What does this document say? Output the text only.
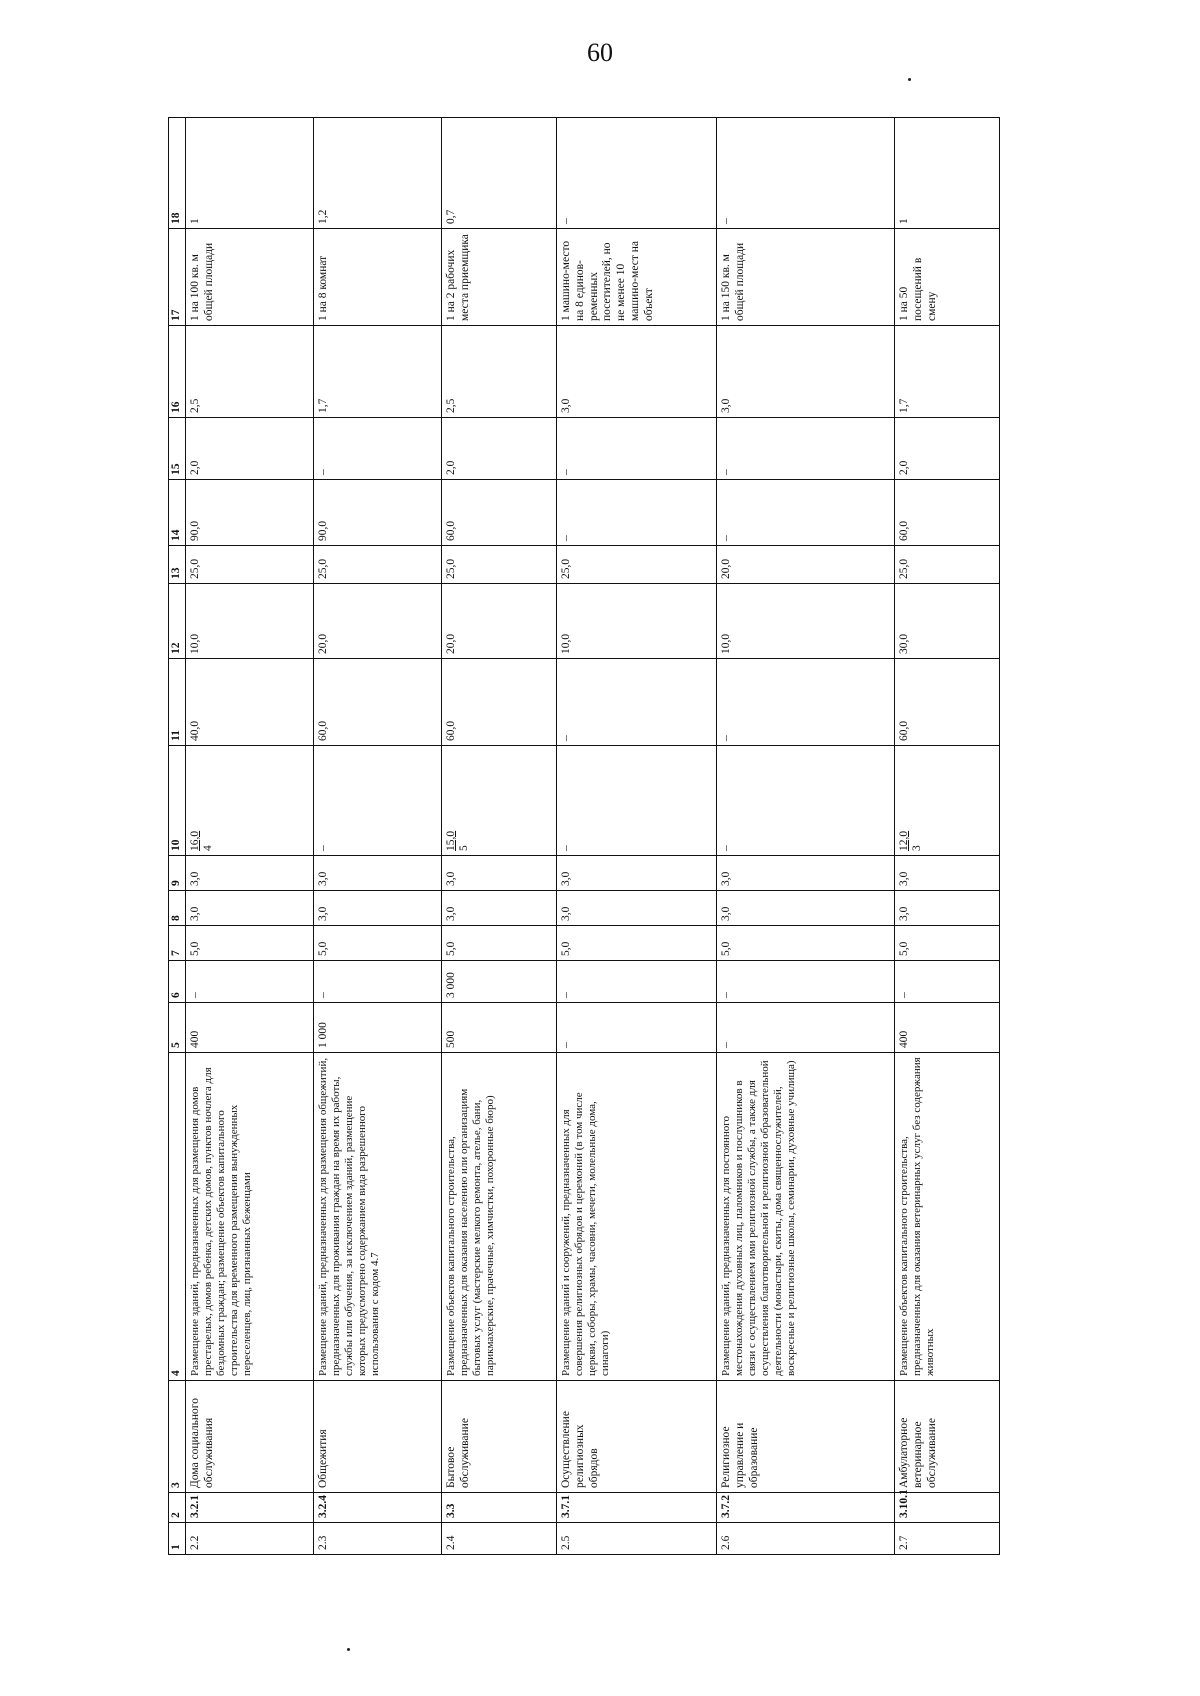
60
1	2	3	4	5	6	7	8	9	10	11	12	13	14	15	16	17	18
2.2	3.2.1	Дома социального обслуживания	Размещение зданий, предназначенных для размещения домов престарелых, домов ребенка, детских домов, пунктов ночлега для бездомных граждан; размещение объектов капитального строительства для временного размещения вынужденных переселенцев, лиц, признанных беженцами	400	–	5,0	3,0	3,0	16,0 4	40,0	10,0	25,0	90,0	2,0	2,5	1 на 100 кв. м общей площади	1
2.3	3.2.4	Общежития	Размещение зданий, предназначенных для размещения общежитий, предназначенных для проживания граждан на время их работы, службы или обучения, за исключением зданий, размещение которых предусмотрено содержанием вида разрешенного использования с кодом 4.7	1 000	–	5,0	3,0	3,0	–	60,0	20,0	25,0	90,0	–	1,7	1 на 8 комнат	1,2
2.4	3.3	Бытовое обслуживание	Размещение объектов капитального строительства, предназначенных для оказания населению или организациям бытовых услуг (мастерские мелкого ремонта, ателье, бани, парикмахерские, прачечные, химчистки, похоронные бюро)	500	3 000	5,0	3,0	3,0	15,0 5	60,0	20,0	25,0	60,0	2,0	2,5	1 на 2 рабочих места приемщика	0,7
2.5	3.7.1	Осуществление религиозных обрядов	Размещение зданий и сооружений, предназначенных для совершения религиозных обрядов и церемоний (в том числе церкви, соборы, храмы, часовни, мечети, молельные дома, синагоги)	–	–	5,0	3,0	3,0	–	–	10,0	25,0	–	–	3,0	1 машино-место на 8 единов-ременных посетителей, но не менее 10 машино-мест на объект	–
2.6	3.7.2	Религиозное управление и образование	Размещение зданий, предназначенных для постоянного местонахождения духовных лиц, паломников и послушников в связи с осуществлением ими религиозной службы, а также для осуществления благотворительной и религиозной образовательной деятельности (монастыри, скиты, дома священнослужителей, воскресные и религиозные школы, семинарии, духовные училища)	–	–	5,0	3,0	3,0	–	–	10,0	20,0	–	–	3,0	1 на 150 кв. м общей площади	–
2.7	3.10.1	Амбулаторное ветеринарное обслуживание	Размещение объектов капитального строительства, предназначенных для оказания ветеринарных услуг без содержания животных	400	–	5,0	3,0	3,0	12,0 3	60,0	30,0	25,0	60,0	2,0	1,7	1 на 50 посещений в смену	1
